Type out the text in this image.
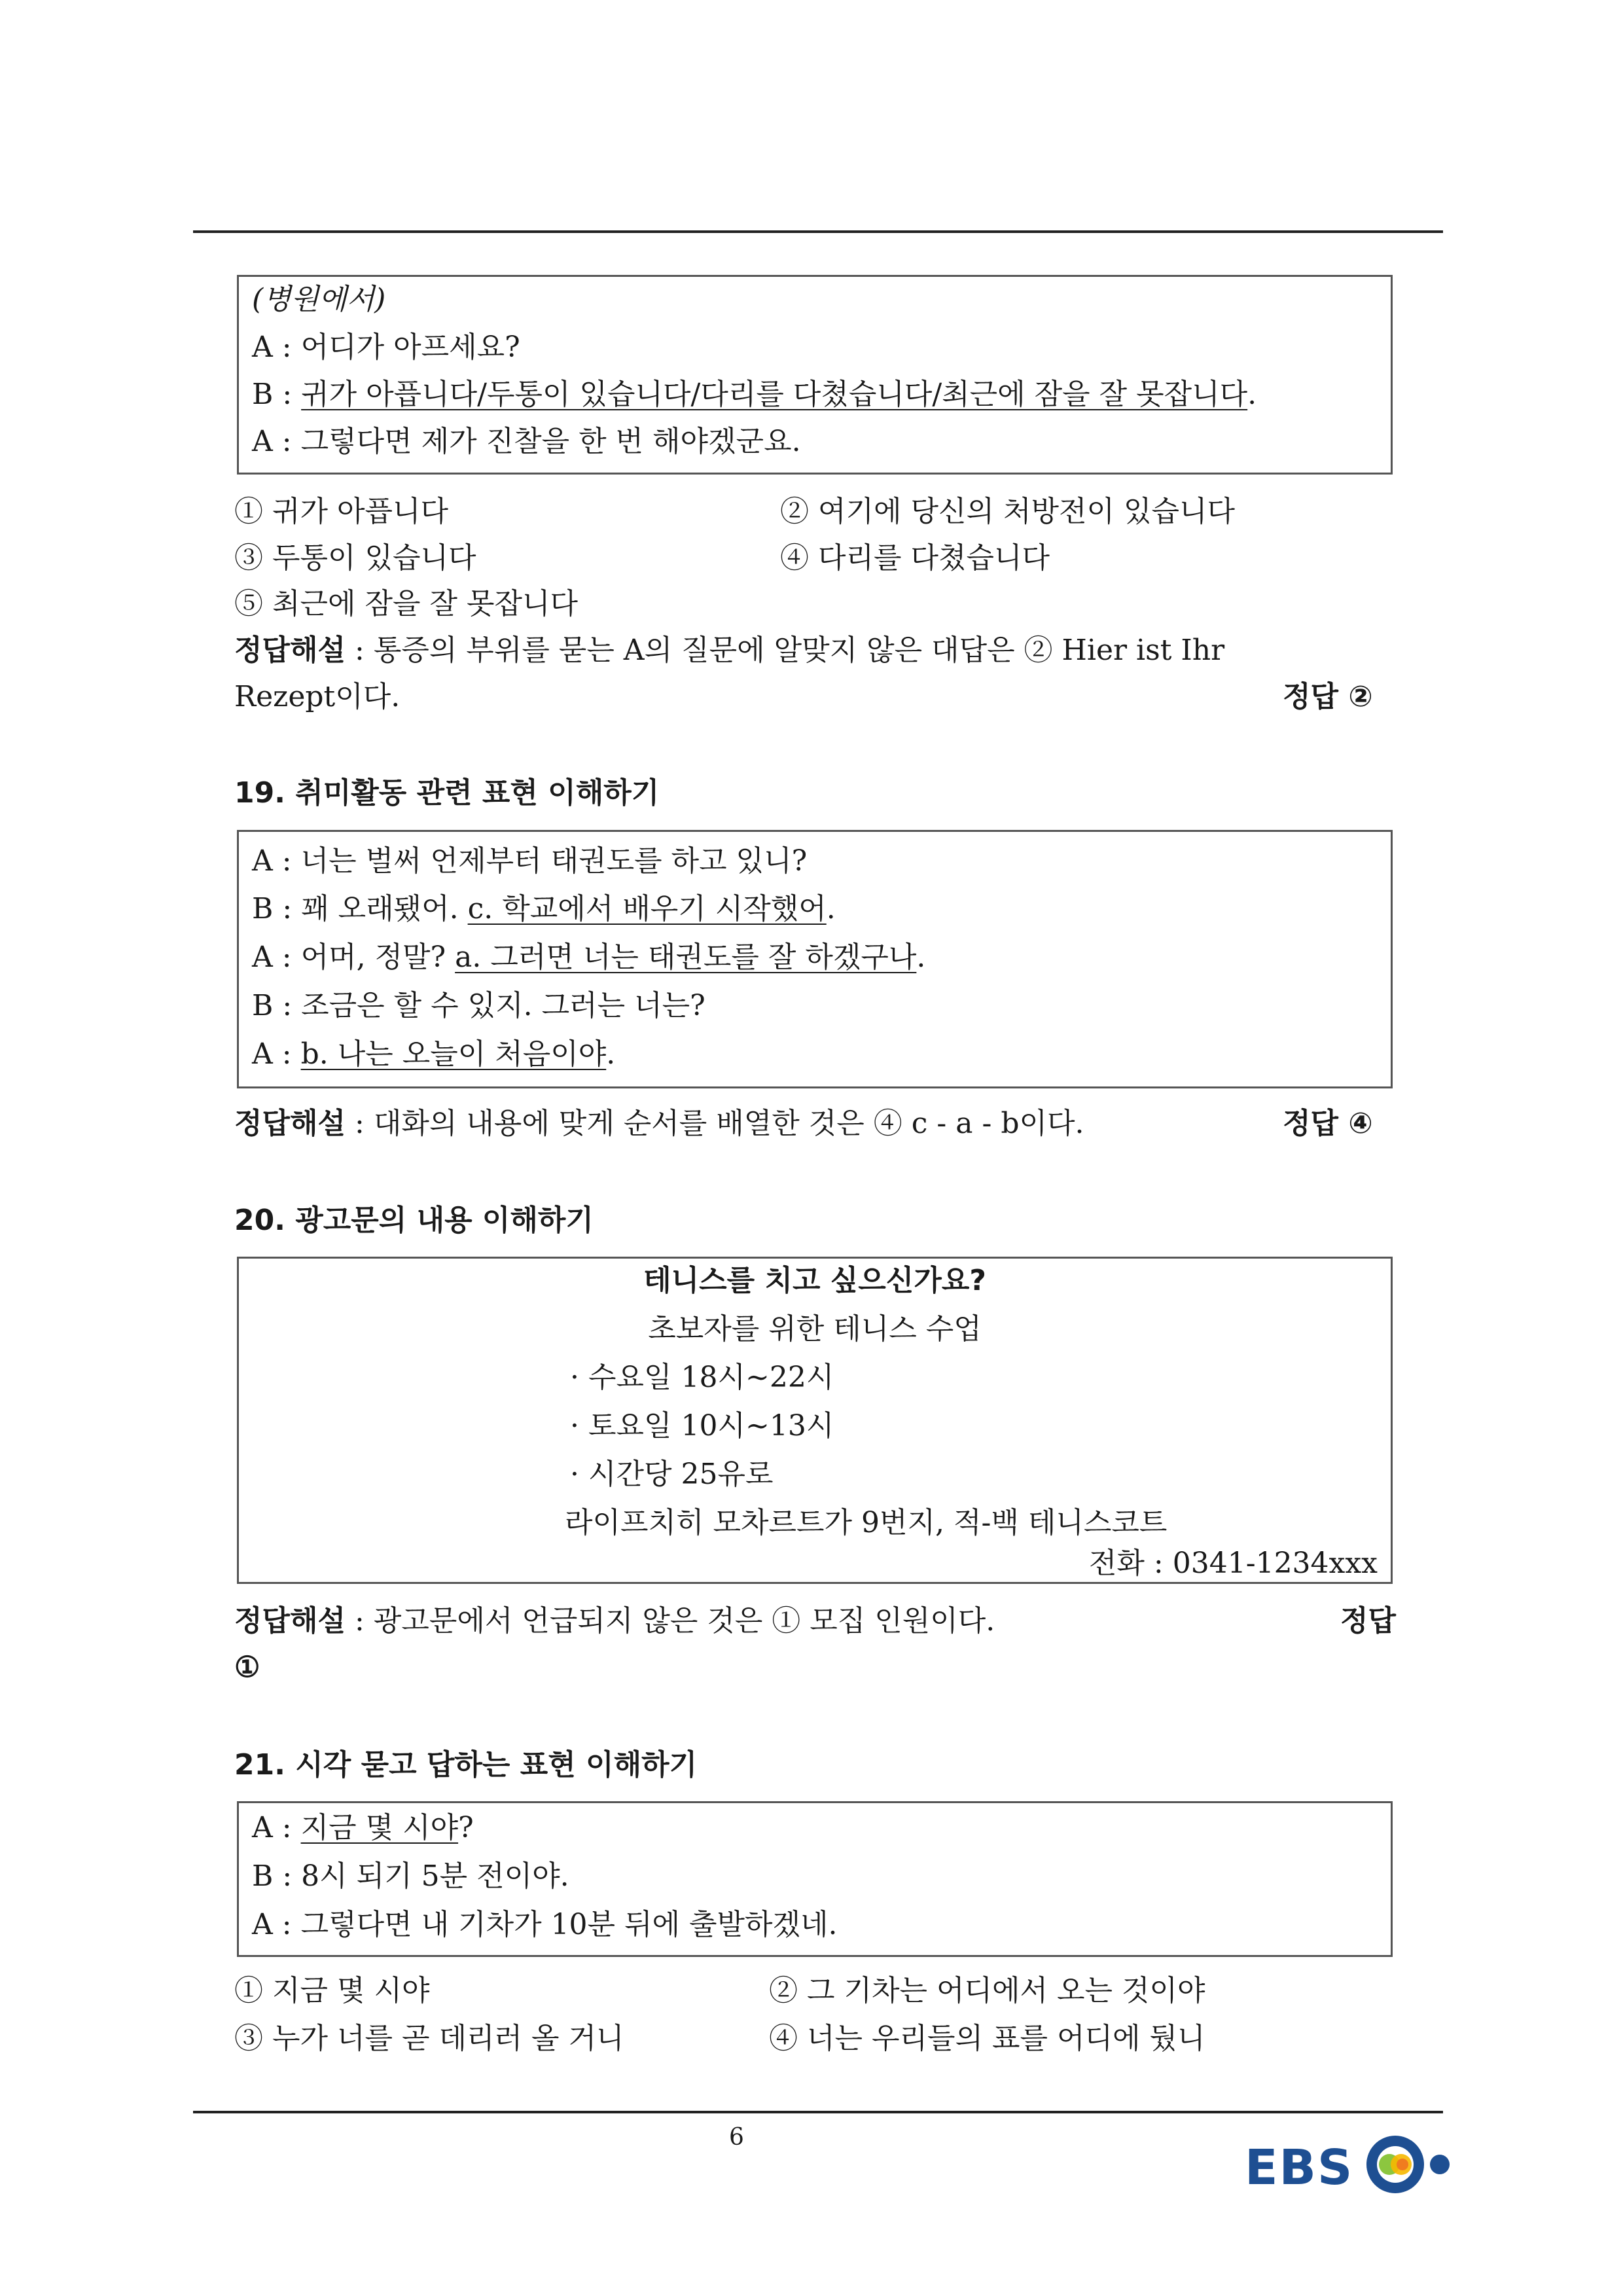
(병원에서)
A : 어디가 아프세요?
B : 귀가 아픕니다/두통이 있습니다/다리를 다쳤습니다/최근에 잠을 잘 못잡니다.
A : 그렇다면 제가 진찰을 한 번 해야겠군요.
① 귀가 아픕니다	② 여기에 당신의 처방전이 있습니다
③ 두통이 있습니다	④ 다리를 다쳤습니다
⑤ 최근에 잠을 잘 못잡니다
정답해설 : 통증의 부위를 묻는 A의 질문에 알맞지 않은 대답은 ② Hier ist Ihr
Rezept이다.	정답 ②
19. 취미활동 관련 표현 이해하기
A : 너는 벌써 언제부터 태권도를 하고 있니?
B : 꽤 오래됐어. c. 학교에서 배우기 시작했어.
A : 어머, 정말? a. 그러면 너는 태권도를 잘 하겠구나.
B : 조금은 할 수 있지. 그러는 너는?
A : b. 나는 오늘이 처음이야.
정답해설 : 대화의 내용에 맞게 순서를 배열한 것은 ④ c - a - b이다.	정답 ④
20. 광고문의 내용 이해하기
테니스를 치고 싶으신가요?
초보자를 위한 테니스 수업
· 수요일 18시~22시
· 토요일 10시~13시
· 시간당 25유로
라이프치히 모차르트가 9번지, 적-백 테니스코트
전화 : 0341-1234xxx
정답해설 : 광고문에서 언급되지 않은 것은 ① 모집 인원이다.	정답
①
21. 시각 묻고 답하는 표현 이해하기
A : 지금 몇 시야?
B : 8시 되기 5분 전이야.
A : 그렇다면 내 기차가 10분 뒤에 출발하겠네.
① 지금 몇 시야	② 그 기차는 어디에서 오는 것이야
③ 누가 너를 곧 데리러 올 거니	④ 너는 우리들의 표를 어디에 뒀니
6
EBS
